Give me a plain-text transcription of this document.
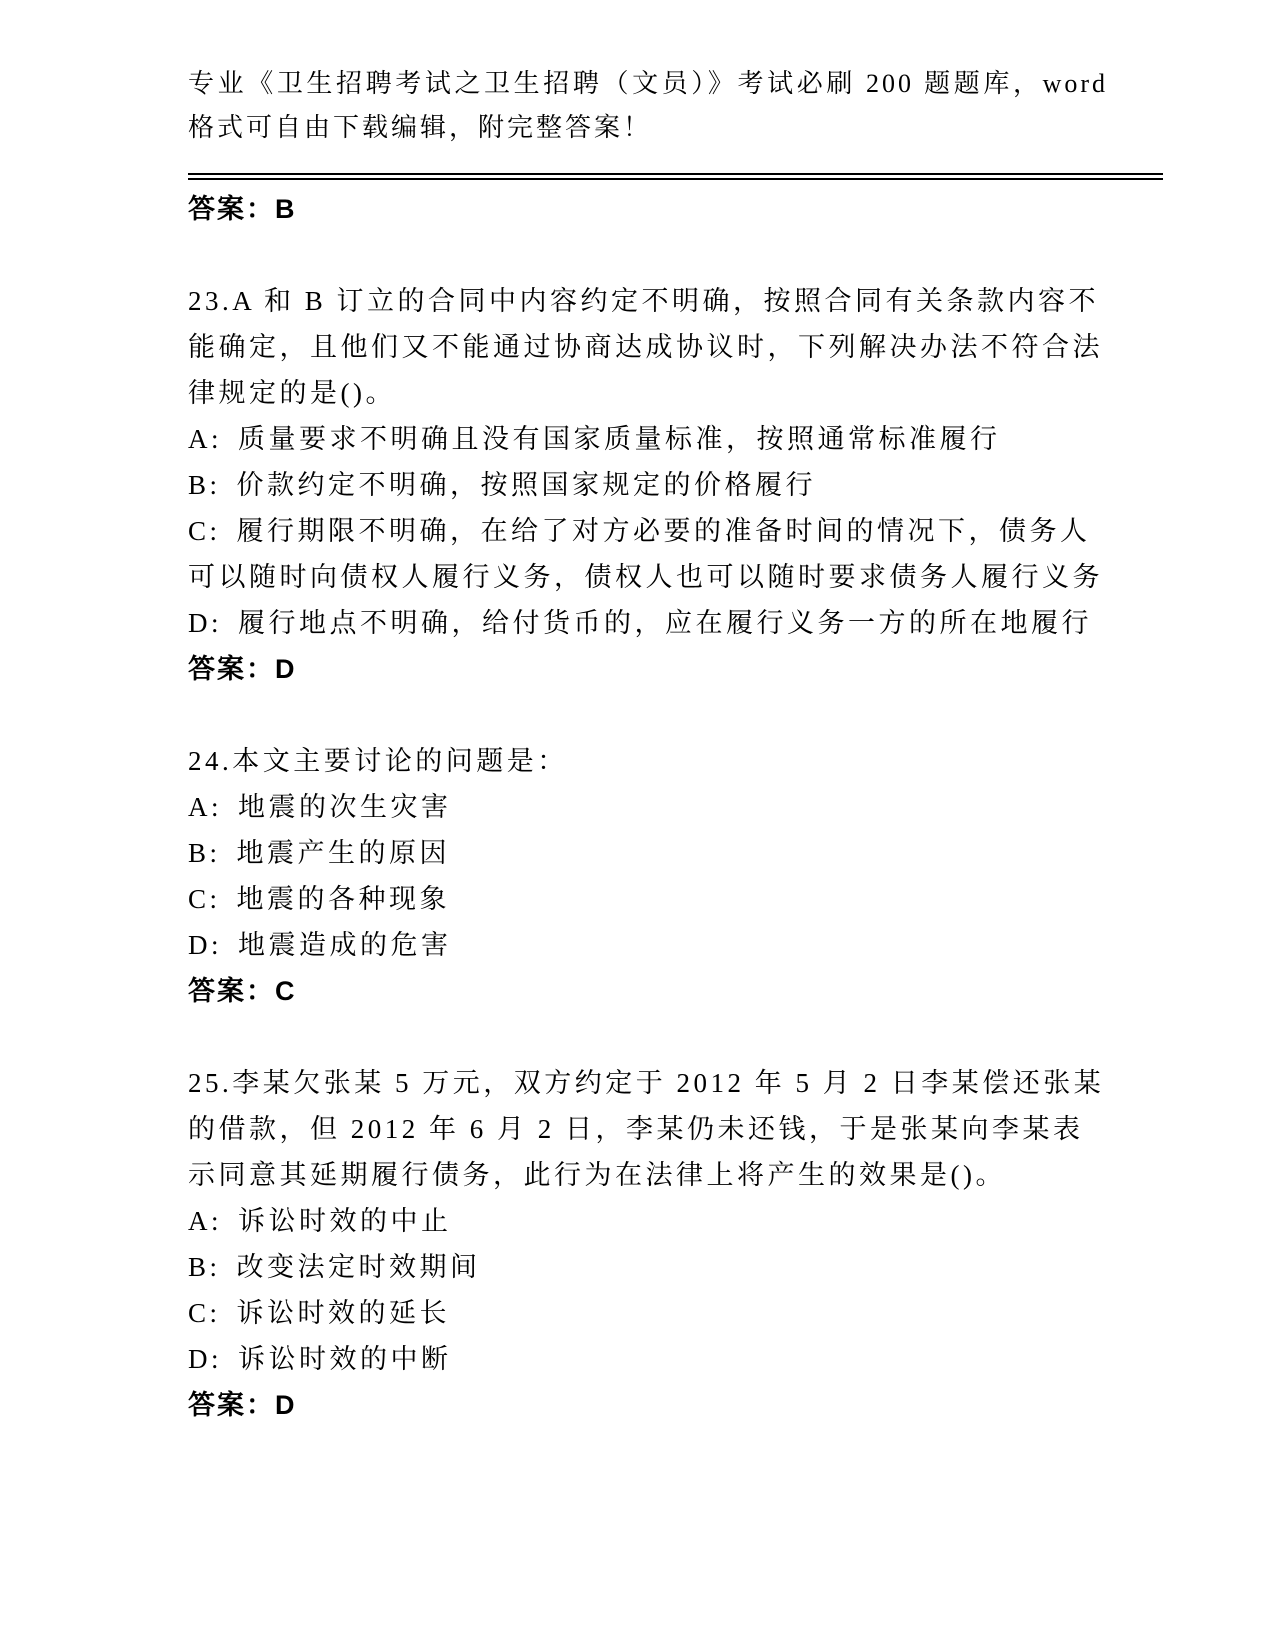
专业《卫生招聘考试之卫生招聘（文员）》考试必刷 200 题题库，word 格式可自由下载编辑，附完整答案！

答案：B

23.A 和 B 订立的合同中内容约定不明确，按照合同有关条款内容不能确定，且他们又不能通过协商达成协议时，下列解决办法不符合法律规定的是()。

A: 质量要求不明确且没有国家质量标准，按照通常标准履行

B: 价款约定不明确，按照国家规定的价格履行

C: 履行期限不明确，在给了对方必要的准备时间的情况下，债务人可以随时向债权人履行义务，债权人也可以随时要求债务人履行义务

D: 履行地点不明确，给付货币的，应在履行义务一方的所在地履行

答案：D

24.本文主要讨论的问题是：

A: 地震的次生灾害

B: 地震产生的原因

C: 地震的各种现象

D: 地震造成的危害

答案：C

25.李某欠张某 5 万元，双方约定于 2012 年 5 月 2 日李某偿还张某的借款，但 2012 年 6 月 2 日，李某仍未还钱，于是张某向李某表示同意其延期履行债务，此行为在法律上将产生的效果是()。

A: 诉讼时效的中止

B: 改变法定时效期间

C: 诉讼时效的延长

D: 诉讼时效的中断

答案：D
